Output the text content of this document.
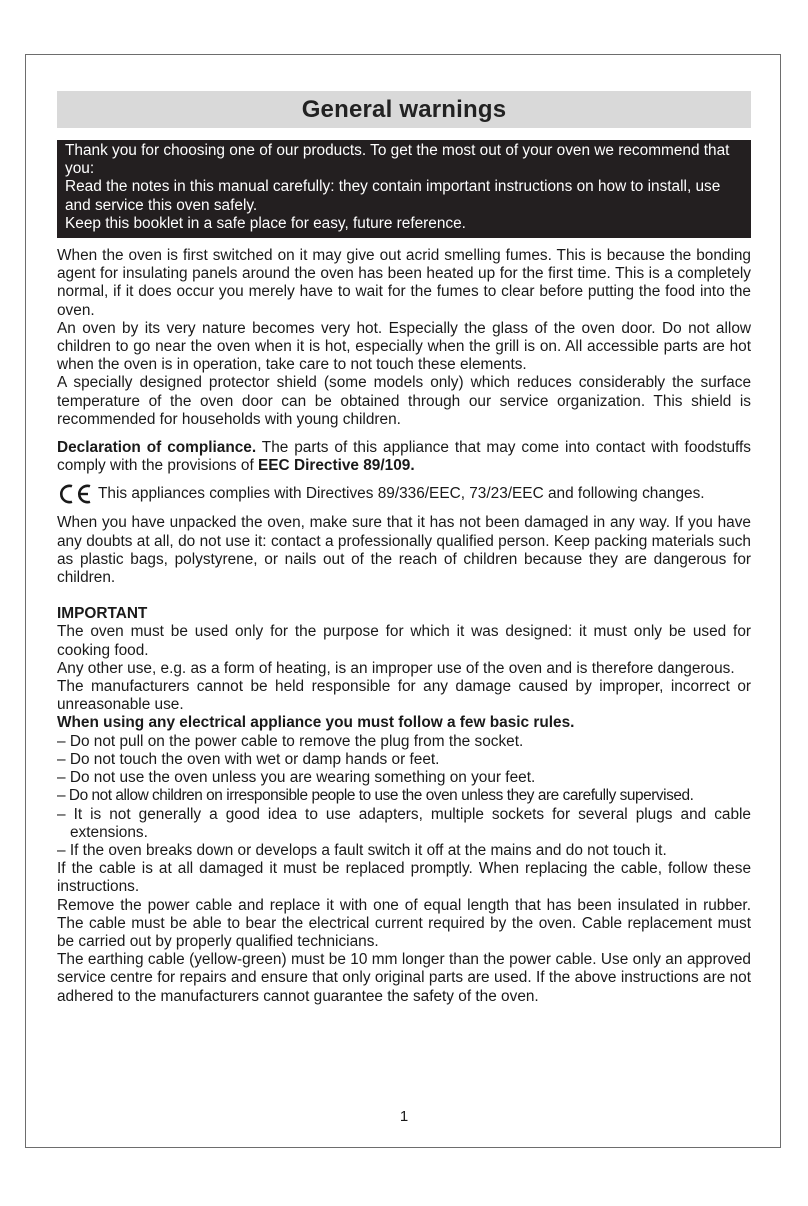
General warnings

Thank you for choosing one of our products. To get the most out of your oven we recommend that you:

Read the notes in this manual carefully: they contain important instructions on how to install, use and service this oven safely.

Keep this booklet in a safe place for easy, future reference.

When the oven is first switched on it may give out acrid smelling fumes. This is because the bonding agent for insulating panels around the oven has been heated up for the first time. This is a completely normal, if it does occur you merely have to wait for the fumes to clear before putting the food into the oven.

An oven by its very nature becomes very hot. Especially the glass of the oven door. Do not allow children to go near the oven when it is hot, especially when the grill is on. All accessible parts are hot when the oven is in operation, take care to not touch these elements.

A specially designed protector shield (some models only) which reduces considerably the surface temperature of the oven door can be obtained through our service organization. This shield is recommended for households with young children.

Declaration of compliance. The parts of this appliance that may come into contact with foodstuffs comply with the provisions of EEC Directive 89/109.

This appliances complies with Directives 89/336/EEC, 73/23/EEC and following changes.

When you have unpacked the oven, make sure that it has not been damaged in any way. If you have any doubts at all, do not use it: contact a professionally qualified person. Keep packing materials such as plastic bags, polystyrene, or nails out of the reach of children because they are dangerous for children.

IMPORTANT

The oven must be used only for the purpose for which it was designed: it must only be used for cooking food.

Any other use, e.g. as a form of heating, is an improper use of the oven and is therefore dangerous.

The manufacturers cannot be held responsible for any damage caused by improper, incorrect or unreasonable use.

When using any electrical appliance you must follow a few basic rules.

– Do not pull on the power cable to remove the plug from the socket.

– Do not touch the oven with wet or damp hands or feet.

– Do not use the oven unless you are wearing something on your feet.

– Do not allow children on irresponsible people to use the oven unless they are carefully supervised.

– It is not generally a good idea to use adapters, multiple sockets for several plugs and cable extensions.

– If the oven breaks down or develops a fault switch it off at the mains and do not touch it.

If the cable is at all damaged it must be replaced promptly. When replacing the cable, follow these instructions.

Remove the power cable and replace it with one of equal length that has been insulated in rubber. The cable must be able to bear the electrical current required by the oven. Cable replacement must be carried out by properly qualified technicians.

The earthing cable (yellow-green) must be 10 mm longer than the power cable. Use only an approved service centre for repairs and ensure that only original parts are used. If the above instructions are not adhered to the manufacturers cannot guarantee the safety of the oven.

1
